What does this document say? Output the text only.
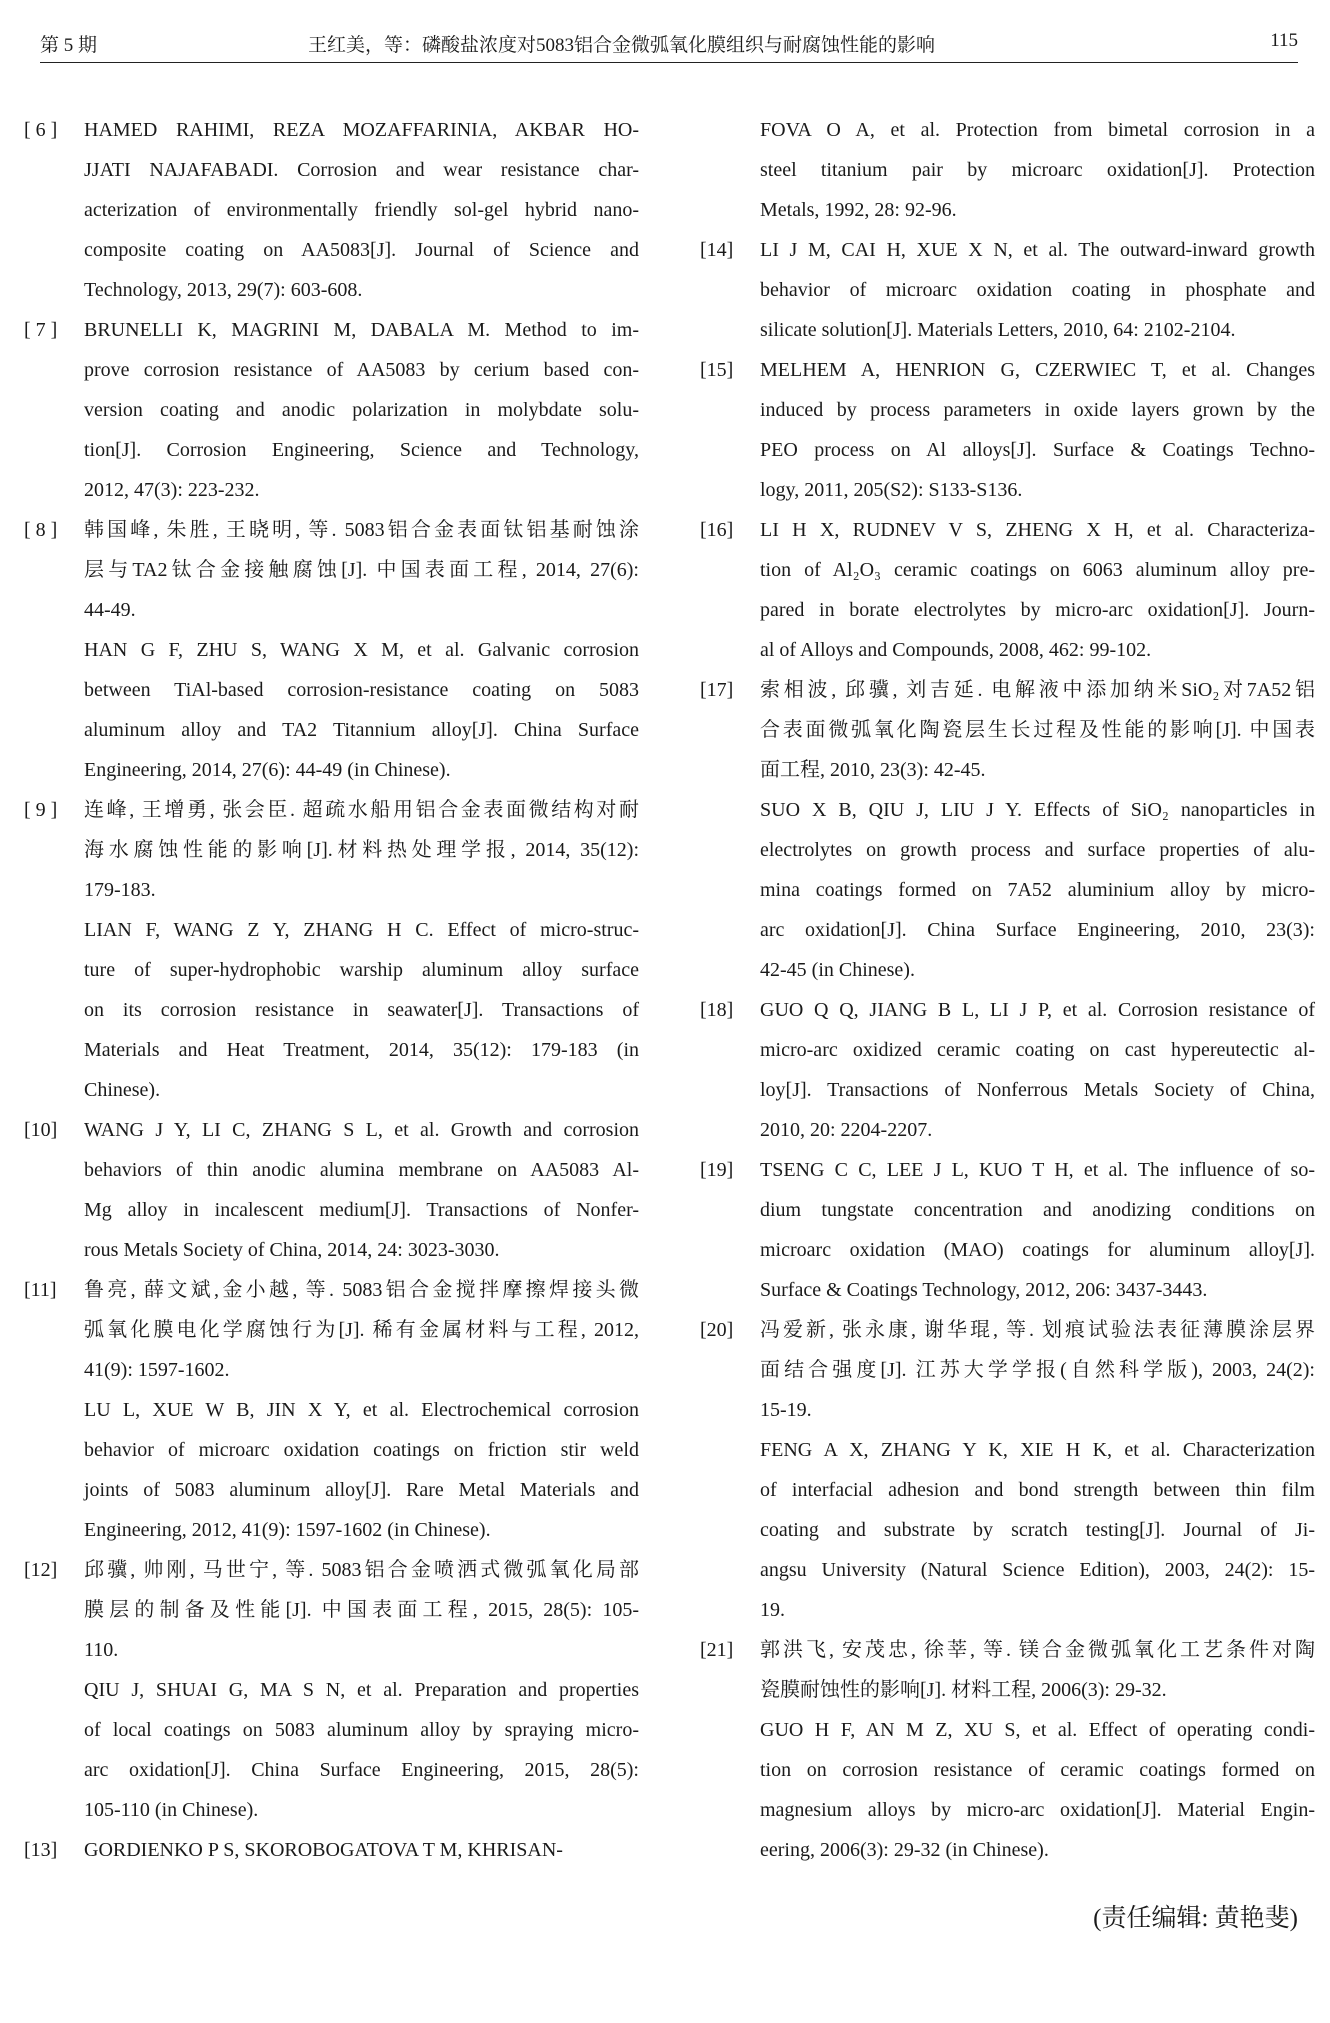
第 5 期	王红美，等：磷酸盐浓度对5083铝合金微弧氧化膜组织与耐腐蚀性能的影响	115
[ 6 ] HAMED RAHIMI, REZA MOZAFFARINIA, AKBAR HO-
JJATI NAJAFABADI. Corrosion and wear resistance char-
acterization of environmentally friendly sol-gel hybrid nano-
composite coating on AA5083[J]. Journal of Science and
Technology, 2013, 29(7): 603-608.
[ 7 ] BRUNELLI K, MAGRINI M, DABALA M. Method to im-
prove corrosion resistance of AA5083 by cerium based con-
version coating and anodic polarization in molybdate solu-
tion[J]. Corrosion Engineering, Science and Technology,
2012, 47(3): 223-232.
[ 8 ] 韩国峰, 朱胜, 王晓明, 等. 5083铝合金表面钛铝基耐蚀涂
层与TA2钛合金接触腐蚀[J]. 中国表面工程, 2014, 27(6):
44-49.
HAN G F, ZHU S, WANG X M, et al. Galvanic corrosion
between TiAl-based corrosion-resistance coating on 5083
aluminum alloy and TA2 Titannium alloy[J]. China Surface
Engineering, 2014, 27(6): 44-49 (in Chinese).
[ 9 ] 连峰, 王增勇, 张会臣. 超疏水船用铝合金表面微结构对耐
海水腐蚀性能的影响[J].材料热处理学报, 2014, 35(12):
179-183.
LIAN F, WANG Z Y, ZHANG H C. Effect of micro-struc-
ture of super-hydrophobic warship aluminum alloy surface
on its corrosion resistance in seawater[J]. Transactions of
Materials and Heat Treatment, 2014, 35(12): 179-183 (in
Chinese).
[10] WANG J Y, LI C, ZHANG S L, et al. Growth and corrosion
behaviors of thin anodic alumina membrane on AA5083 Al-
Mg alloy in incalescent medium[J]. Transactions of Nonfer-
rous Metals Society of China, 2014, 24: 3023-3030.
[11] 鲁亮, 薛文斌,金小越, 等. 5083铝合金搅拌摩擦焊接头微
弧氧化膜电化学腐蚀行为[J]. 稀有金属材料与工程, 2012,
41(9): 1597-1602.
LU L, XUE W B, JIN X Y, et al. Electrochemical corrosion
behavior of microarc oxidation coatings on friction stir weld
joints of 5083 aluminum alloy[J]. Rare Metal Materials and
Engineering, 2012, 41(9): 1597-1602 (in Chinese).
[12] 邱骥, 帅刚, 马世宁, 等. 5083铝合金喷洒式微弧氧化局部
膜层的制备及性能[J]. 中国表面工程, 2015, 28(5): 105-
110.
QIU J, SHUAI G, MA S N, et al. Preparation and properties
of local coatings on 5083 aluminum alloy by spraying micro-
arc oxidation[J]. China Surface Engineering, 2015, 28(5):
105-110 (in Chinese).
[13] GORDIENKO P S, SKOROBOGATOVA T M, KHRISAN-
FOVA O A, et al. Protection from bimetal corrosion in a
steel titanium pair by microarc oxidation[J]. Protection
Metals, 1992, 28: 92-96.
[14] LI J M, CAI H, XUE X N, et al. The outward-inward growth
behavior of microarc oxidation coating in phosphate and
silicate solution[J]. Materials Letters, 2010, 64: 2102-2104.
[15] MELHEM A, HENRION G, CZERWIEC T, et al. Changes
induced by process parameters in oxide layers grown by the
PEO process on Al alloys[J]. Surface & Coatings Techno-
logy, 2011, 205(S2): S133-S136.
[16] LI H X, RUDNEV V S, ZHENG X H, et al. Characteriza-
tion of Al₂O₃ ceramic coatings on 6063 aluminum alloy pre-
pared in borate electrolytes by micro-arc oxidation[J]. Journ-
al of Alloys and Compounds, 2008, 462: 99-102.
[17] 索相波, 邱骥, 刘吉延. 电解液中添加纳米SiO₂对7A52铝
合表面微弧氧化陶瓷层生长过程及性能的影响[J]. 中国表
面工程, 2010, 23(3): 42-45.
SUO X B, QIU J, LIU J Y. Effects of SiO₂ nanoparticles in
electrolytes on growth process and surface properties of alu-
mina coatings formed on 7A52 aluminium alloy by micro-
arc oxidation[J]. China Surface Engineering, 2010, 23(3):
42-45 (in Chinese).
[18] GUO Q Q, JIANG B L, LI J P, et al. Corrosion resistance of
micro-arc oxidized ceramic coating on cast hypereutectic al-
loy[J]. Transactions of Nonferrous Metals Society of China,
2010, 20: 2204-2207.
[19] TSENG C C, LEE J L, KUO T H, et al. The influence of so-
dium tungstate concentration and anodizing conditions on
microarc oxidation (MAO) coatings for aluminum alloy[J].
Surface & Coatings Technology, 2012, 206: 3437-3443.
[20] 冯爱新, 张永康, 谢华琨, 等. 划痕试验法表征薄膜涂层界
面结合强度[J]. 江苏大学学报(自然科学版), 2003, 24(2):
15-19.
FENG A X, ZHANG Y K, XIE H K, et al. Characterization
of interfacial adhesion and bond strength between thin film
coating and substrate by scratch testing[J]. Journal of Ji-
angsu University (Natural Science Edition), 2003, 24(2): 15-
19.
[21] 郭洪飞, 安茂忠, 徐莘, 等. 镁合金微弧氧化工艺条件对陶
瓷膜耐蚀性的影响[J]. 材料工程, 2006(3): 29-32.
GUO H F, AN M Z, XU S, et al. Effect of operating condi-
tion on corrosion resistance of ceramic coatings formed on
magnesium alloys by micro-arc oxidation[J]. Material Engin-
eering, 2006(3): 29-32 (in Chinese).
(责任编辑: 黄艳斐)
